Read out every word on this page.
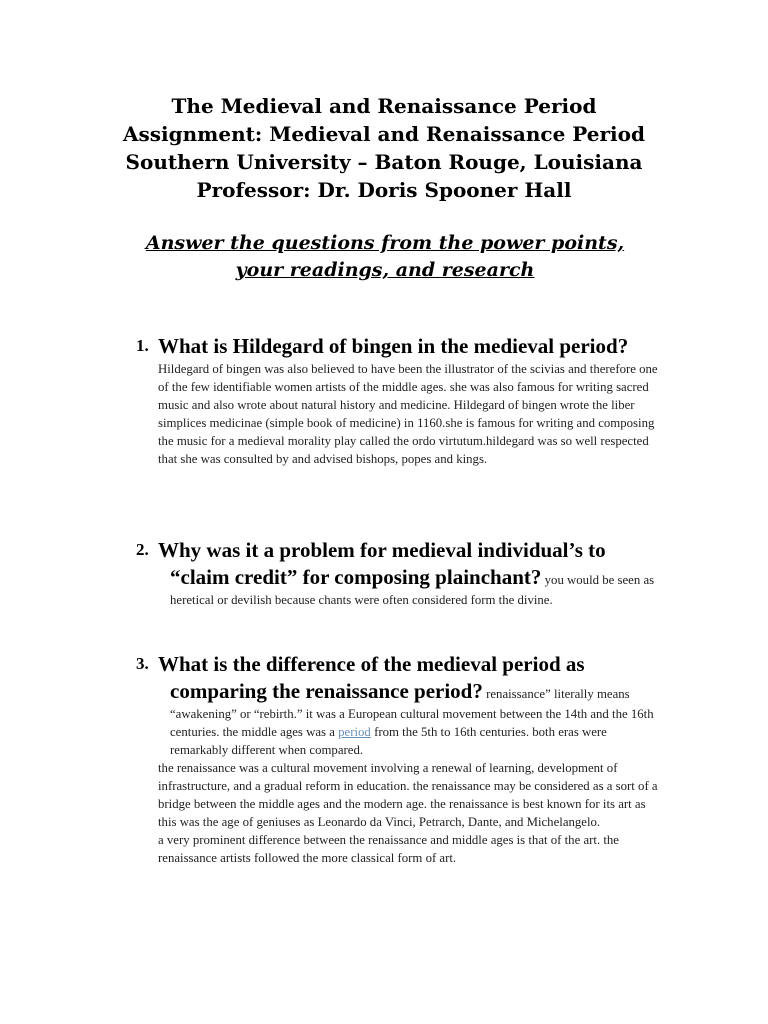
The Medieval and Renaissance Period
Assignment: Medieval and Renaissance Period
Southern University – Baton Rouge, Louisiana
Professor: Dr. Doris Spooner Hall
Answer the questions from the power points, your readings, and research
1. What is Hildegard of bingen in the medieval period? Hildegard of bingen was also believed to have been the illustrator of the scivias and therefore one of the few identifiable women artists of the middle ages. she was also famous for writing sacred music and also wrote about natural history and medicine. Hildegard of bingen wrote the liber simplices medicinae (simple book of medicine) in 1160.she is famous for writing and composing the music for a medieval morality play called the ordo virtutum.hildegard was so well respected that she was consulted by and advised bishops, popes and kings.
2. Why was it a problem for medieval individual’s to “claim credit” for composing plainchant? you would be seen as heretical or devilish because chants were often considered form the divine.
3. What is the difference of the medieval period as comparing the renaissance period? renaissance” literally means “awakening” or “rebirth.” it was a European cultural movement between the 14th and the 16th centuries. the middle ages was a period from the 5th to 16th centuries. both eras were remarkably different when compared.
the renaissance was a cultural movement involving a renewal of learning, development of infrastructure, and a gradual reform in education. the renaissance may be considered as a sort of a bridge between the middle ages and the modern age. the renaissance is best known for its art as this was the age of geniuses as Leonardo da Vinci, Petrarch, Dante, and Michelangelo.
a very prominent difference between the renaissance and middle ages is that of the art. the renaissance artists followed the more classical form of art.
